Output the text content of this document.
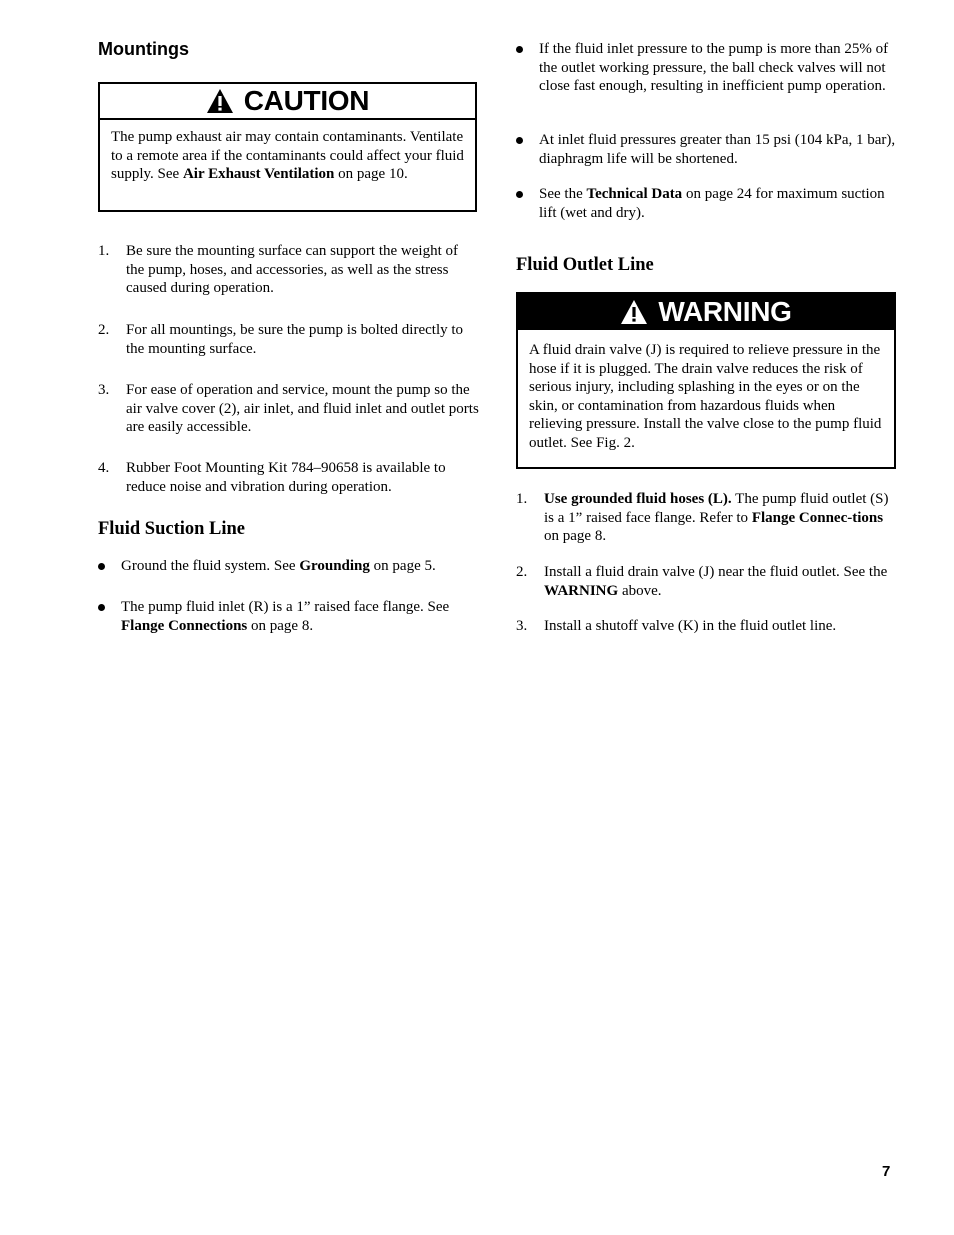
Mountings
CAUTION
The pump exhaust air may contain contaminants. Ventilate to a remote area if the contaminants could affect your fluid supply. See Air Exhaust Ventilation on page 10.
1. Be sure the mounting surface can support the weight of the pump, hoses, and accessories, as well as the stress caused during operation.
2. For all mountings, be sure the pump is bolted directly to the mounting surface.
3. For ease of operation and service, mount the pump so the air valve cover (2), air inlet, and fluid inlet and outlet ports are easily accessible.
4. Rubber Foot Mounting Kit 784–90658 is available to reduce noise and vibration during operation.
Fluid Suction Line
Ground the fluid system. See Grounding on page 5.
The pump fluid inlet (R) is a 1” raised face flange. See Flange Connections on page 8.
If the fluid inlet pressure to the pump is more than 25% of the outlet working pressure, the ball check valves will not close fast enough, resulting in inefficient pump operation.
At inlet fluid pressures greater than 15 psi (104 kPa, 1 bar), diaphragm life will be shortened.
See the Technical Data on page 24 for maximum suction lift (wet and dry).
Fluid Outlet Line
WARNING
A fluid drain valve (J) is required to relieve pressure in the hose if it is plugged. The drain valve reduces the risk of serious injury, including splashing in the eyes or on the skin, or contamination from hazardous fluids when relieving pressure. Install the valve close to the pump fluid outlet. See Fig. 2.
1. Use grounded fluid hoses (L). The pump fluid outlet (S) is a 1” raised face flange. Refer to Flange Connec-tions on page 8.
2. Install a fluid drain valve (J) near the fluid outlet. See the WARNING above.
3. Install a shutoff valve (K) in the fluid outlet line.
7
